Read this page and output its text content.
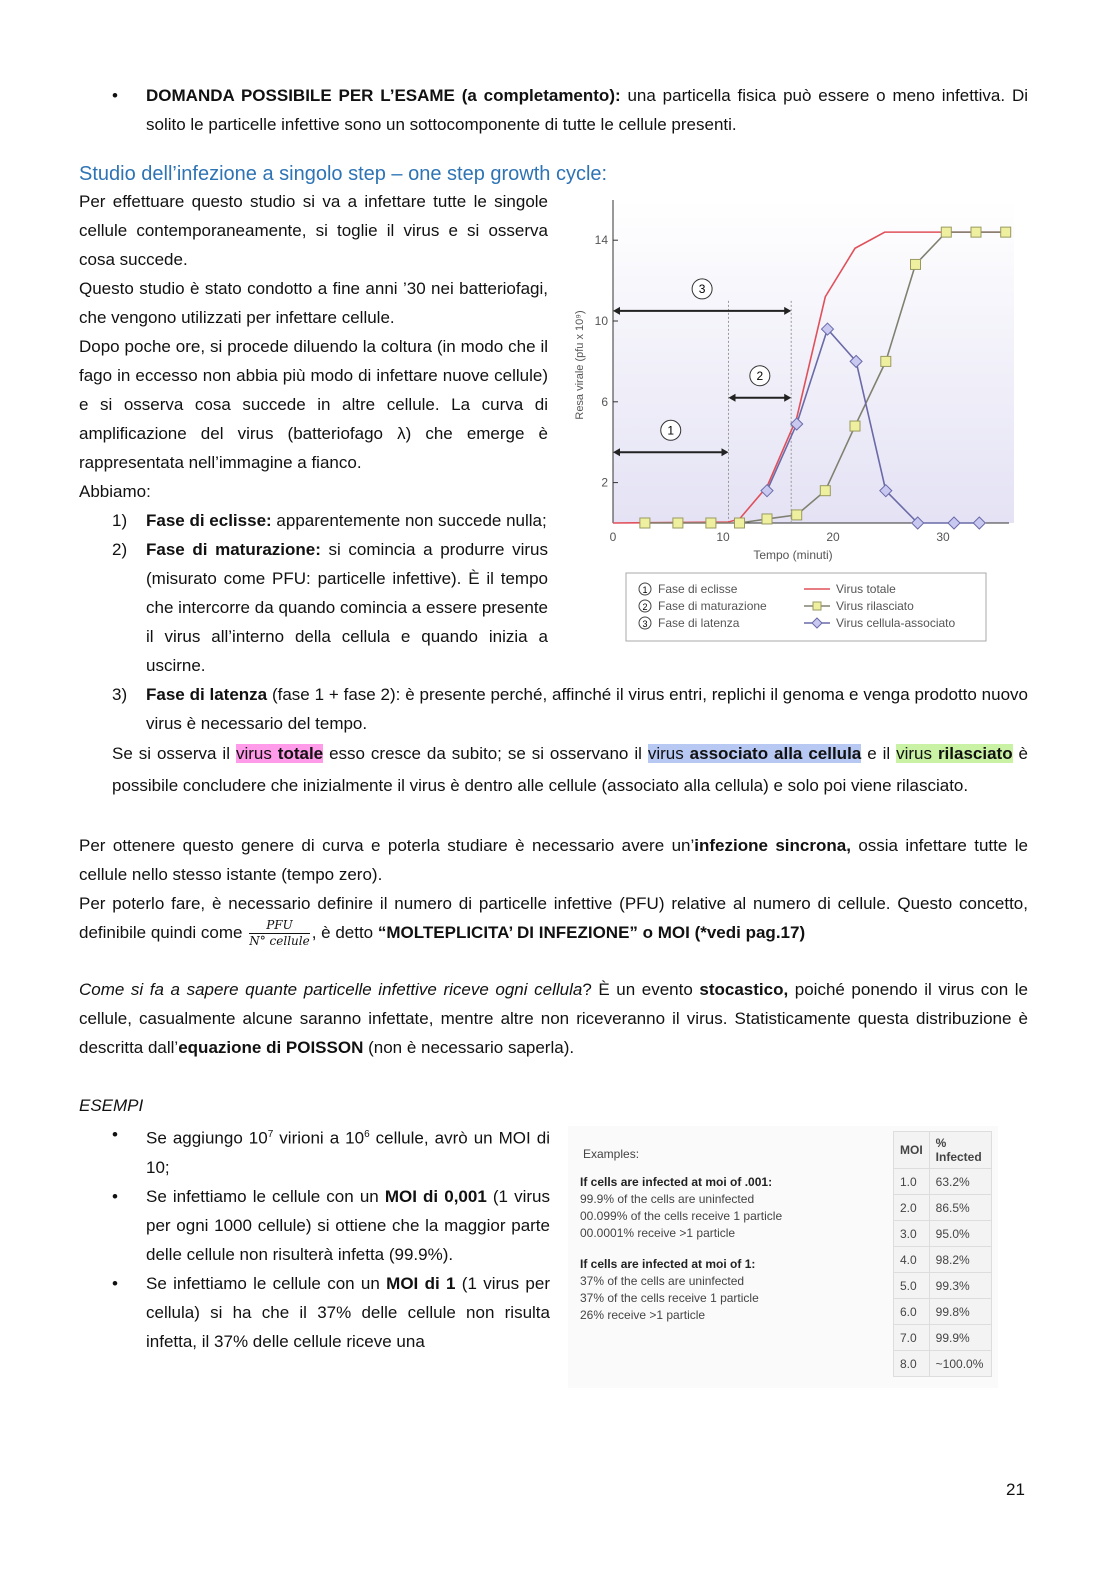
• DOMANDA POSSIBILE PER L’ESAME (a completamento): una particella fisica può essere o meno infettiva. Di solito le particelle infettive sono un sottocomponente di tutte le cellule presenti.
Studio dell’infezione a singolo step – one step growth cycle:
0	10	20	30
2
6
10
14
Tempo (minuti)
Resa virale (pfu x 10⁹)
1
2
3
1 Fase di eclisse
2 Fase di maturazione
3 Fase di latenza
Virus totale
Virus rilasciato
Virus cellula-associato
Per effettuare questo studio si va a infettare tutte le singole cellule contemporaneamente, si toglie il virus e si osserva cosa succede.
Questo studio è stato condotto a fine anni ’30 nei batteriofagi, che vengono utilizzati per infettare cellule.
Dopo poche ore, si procede diluendo la coltura (in modo che il fago in eccesso non abbia più modo di infettare nuove cellule) e si osserva cosa succede in altre cellule. La curva di amplificazione del virus (batteriofago λ) che emerge è rappresentata nell’immagine a fianco.
Abbiamo:
1) Fase di eclisse: apparentemente non succede nulla;
2) Fase di maturazione: si comincia a produrre virus (misurato come PFU: particelle infettive). È il tempo che intercorre da quando comincia a essere presente il virus all’interno della cellula e quando inizia a uscirne.
3) Fase di latenza (fase 1 + fase 2): è presente perché, affinché il virus entri, replichi il genoma e venga prodotto nuovo virus è necessario del tempo.
Se si osserva il virus totale esso cresce da subito; se si osservano il virus associato alla cellula e il virus rilasciato è possibile concludere che inizialmente il virus è dentro alle cellule (associato alla cellula) e solo poi viene rilasciato.
Per ottenere questo genere di curva e poterla studiare è necessario avere un’infezione sincrona, ossia infettare tutte le cellule nello stesso istante (tempo zero).
Per poterlo fare, è necessario definire il numero di particelle infettive (PFU) relative al numero di cellule. Questo concetto, definibile quindi come $\frac{\text{PFU}}{\text{N° cellule}}$ , è detto “MOLTEPLICITA’ DI INFEZIONE” o MOI (*vedi pag.17)
Come si fa a sapere quante particelle infettive riceve ogni cellula? È un evento stocastico, poiché ponendo il virus con le cellule, casualmente alcune saranno infettate, mentre altre non riceveranno il virus. Statisticamente questa distribuzione è descritta dall’equazione di POISSON (non è necessario saperla).
ESEMPI
Examples:
If cells are infected at moi of .001:
99.9% of the cells are uninfected
00.099% of the cells receive 1 particle
00.0001% receive >1 particle
If cells are infected at moi of 1:
37% of the cells are uninfected
37% of the cells receive 1 particle
26% receive >1 particle
MOI	% Infected
1.0	63.2%
2.0	86.5%
3.0	95.0%
4.0	98.2%
5.0	99.3%
6.0	99.8%
7.0	99.9%
8.0	~100.0%
• Se aggiungo $10^7$ virioni a $10^6$ cellule, avrò un MOI di 10;
• Se infettiamo le cellule con un MOI di 0,001 (1 virus per ogni 1000 cellule) si ottiene che la maggior parte delle cellule non risulterà infetta (99.9%).
• Se infettiamo le cellule con un MOI di 1 (1 virus per cellula) si ha che il 37% delle cellule non risulta infetta, il 37% delle cellule riceve una
21
